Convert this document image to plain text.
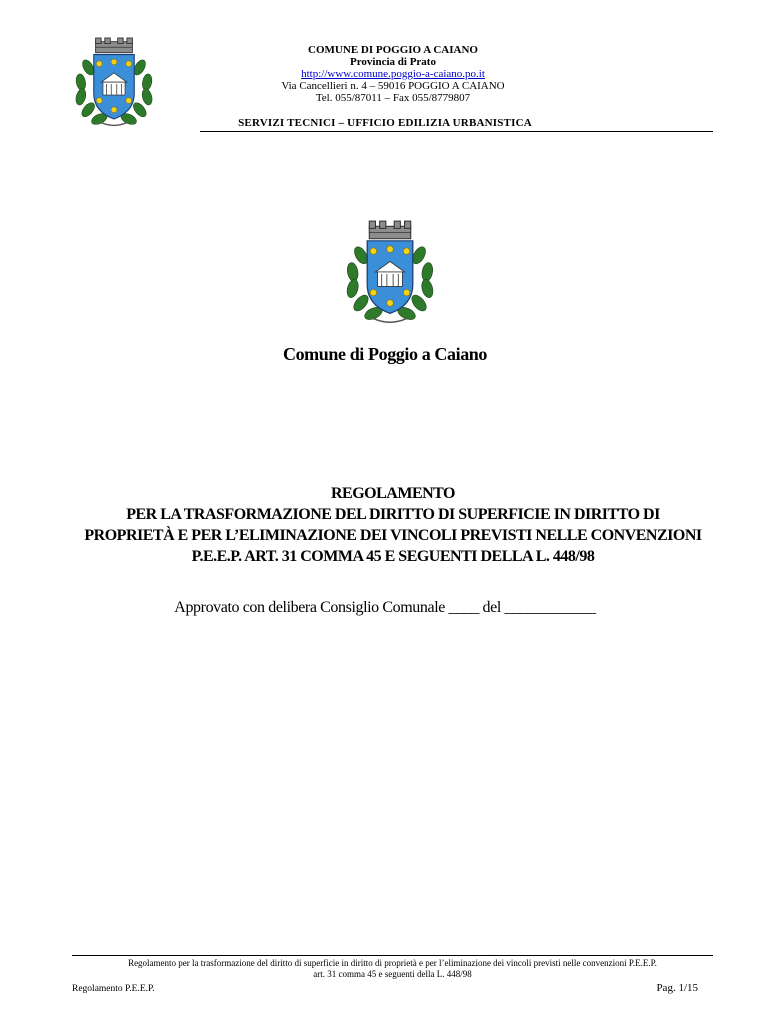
COMUNE DI POGGIO A CAIANO
Provincia di Prato
http://www.comune.poggio-a-caiano.po.it
Via Cancellieri n. 4 – 59016 POGGIO A CAIANO
Tel. 055/87011 – Fax 055/8779807
SERVIZI TECNICI – UFFICIO EDILIZIA URBANISTICA
Comune di Poggio a Caiano
REGOLAMENTO
PER LA TRASFORMAZIONE DEL DIRITTO DI SUPERFICIE IN DIRITTO DI
PROPRIETÀ E PER L’ELIMINAZIONE DEI VINCOLI PREVISTI NELLE CONVENZIONI
P.E.E.P. ART. 31 COMMA 45 E SEGUENTI DELLA L. 448/98
Approvato con delibera Consiglio Comunale ____ del ____________
Regolamento per la trasformazione del diritto di superficie in diritto di proprietà e per l’eliminazione dei vincoli previsti nelle convenzioni P.E.E.P.
art. 31 comma 45 e seguenti della L. 448/98
Regolamento P.E.E.P.	Pag. 1/15
